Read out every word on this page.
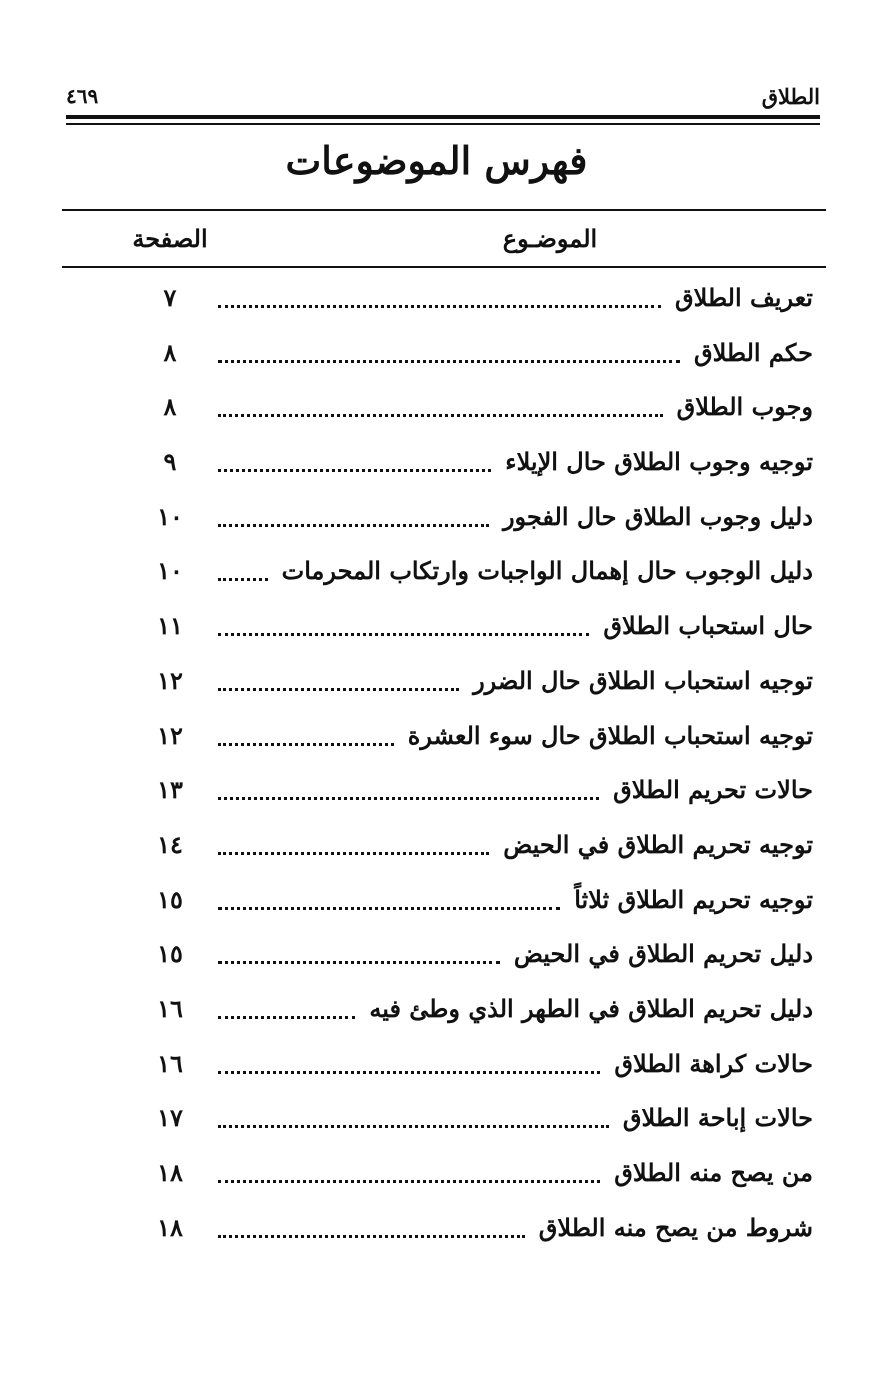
الطلاق
٤٦٩
فهرس الموضوعات
الموضـوع
الصفحة
تعريف الطلاق
٧
حكم الطلاق
٨
وجوب الطلاق
٨
توجيه وجوب الطلاق حال الإيلاء
٩
دليل وجوب الطلاق حال الفجور
١٠
دليل الوجوب حال إهمال الواجبات وارتكاب المحرمات
١٠
حال استحباب الطلاق
١١
توجيه استحباب الطلاق حال الضرر
١٢
توجيه استحباب الطلاق حال سوء العشرة
١٢
حالات تحريم الطلاق
١٣
توجيه تحريم الطلاق في الحيض
١٤
توجيه تحريم الطلاق ثلاثاً
١٥
دليل تحريم الطلاق في الحيض
١٥
دليل تحريم الطلاق في الطهر الذي وطئ فيه
١٦
حالات كراهة الطلاق
١٦
حالات إباحة الطلاق
١٧
من يصح منه الطلاق
١٨
شروط من يصح منه الطلاق
١٨
